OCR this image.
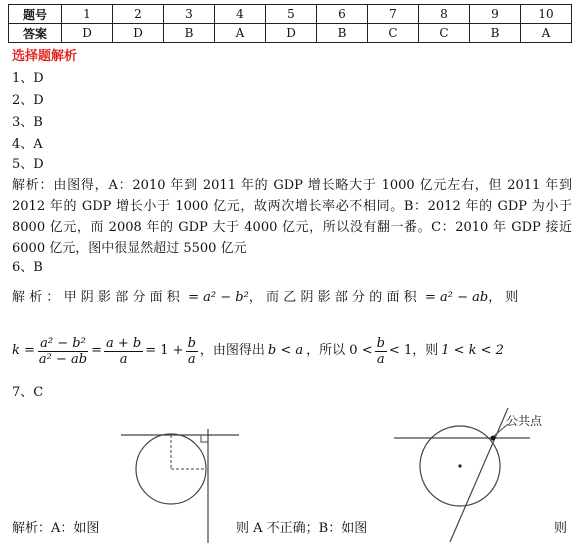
题号	1	2	3	4	5	6	7	8	9	10
答案	D	D	B	A	D	B	C	C	B	A
选择题解析
1、D
2、D
3、B
4、A
5、D
解析：由图得，A：2010 年到 2011 年的 GDP 增长略大于 1000 亿元左右，但 2011 年到 2012 年的 GDP 增长小于 1000 亿元，故两次增长率必不相同。B：2012 年的 GDP 为小于 8000 亿元，而 2008 年的 GDP 大于 4000 亿元，所以没有翻一番。C：2010 年 GDP 接近 6000 亿元，图中很显然超过 5500 亿元
6、B
解析：甲阴影部分面积 = a² − b²，而乙阴影部分的面积 = a² − ab，则
$k = \frac{\text{a² − b²}}{\text{a² − ab}} = \frac{a + b}{a} = 1 + \frac{b}{a}$ ，由图得出 b < a ，所以 $0 < \frac{b}{a} < 1$，则 1 < k < 2
7、C
公共点
解析：A：如图	则 A 不正确；B：如图	则
